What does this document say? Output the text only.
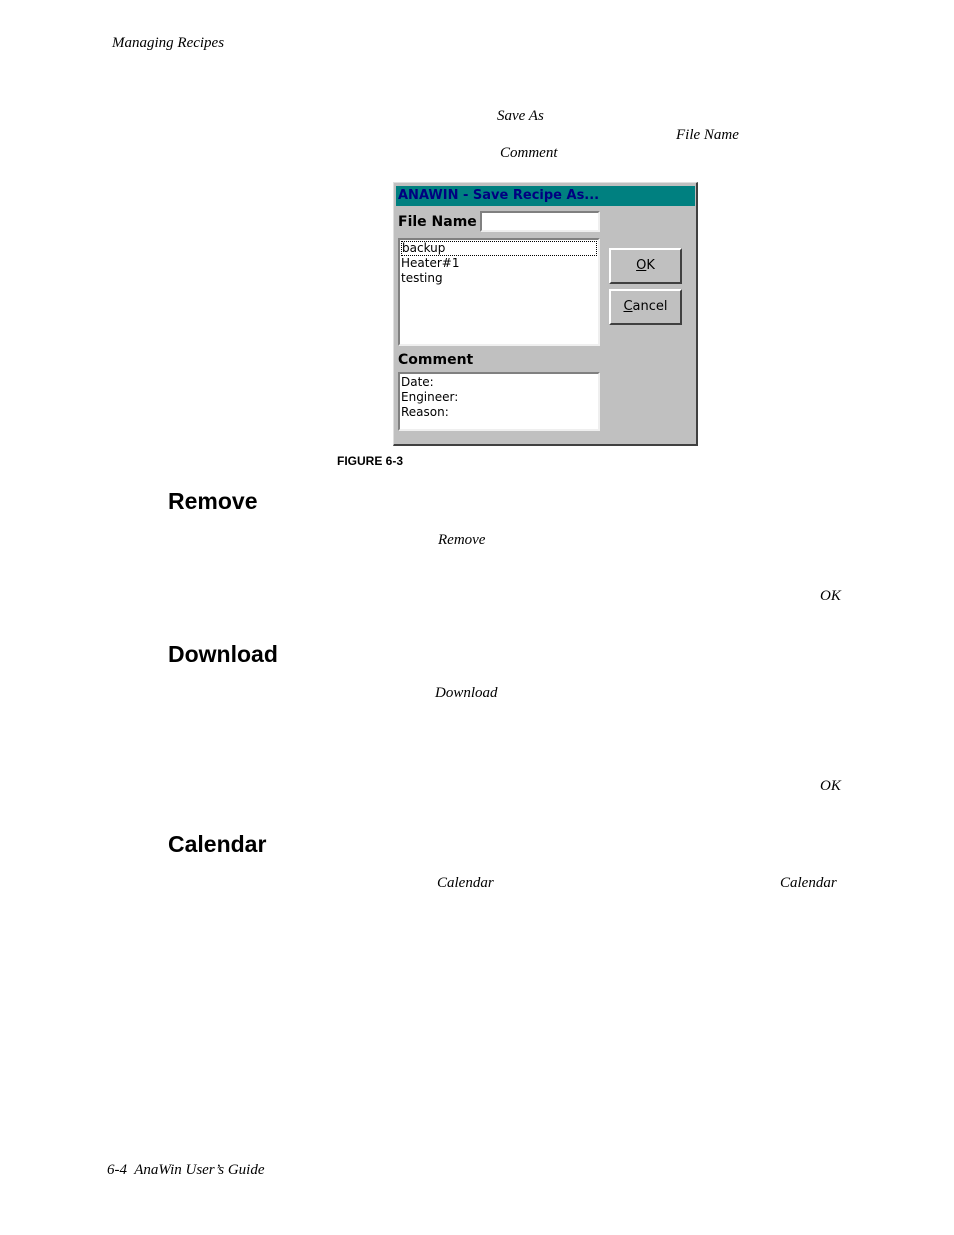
Managing Recipes
Save As
File Name
Comment
ANAWIN - Save Recipe As...
File Name
backup
Heater#1
testing
Comment
Date:
Engineer:
Reason:
OK
Cancel
FIGURE 6-3
Remove
Remove
OK
Download
Download
OK
Calendar
Calendar	Calendar
6-4 AnaWin User’s Guide
